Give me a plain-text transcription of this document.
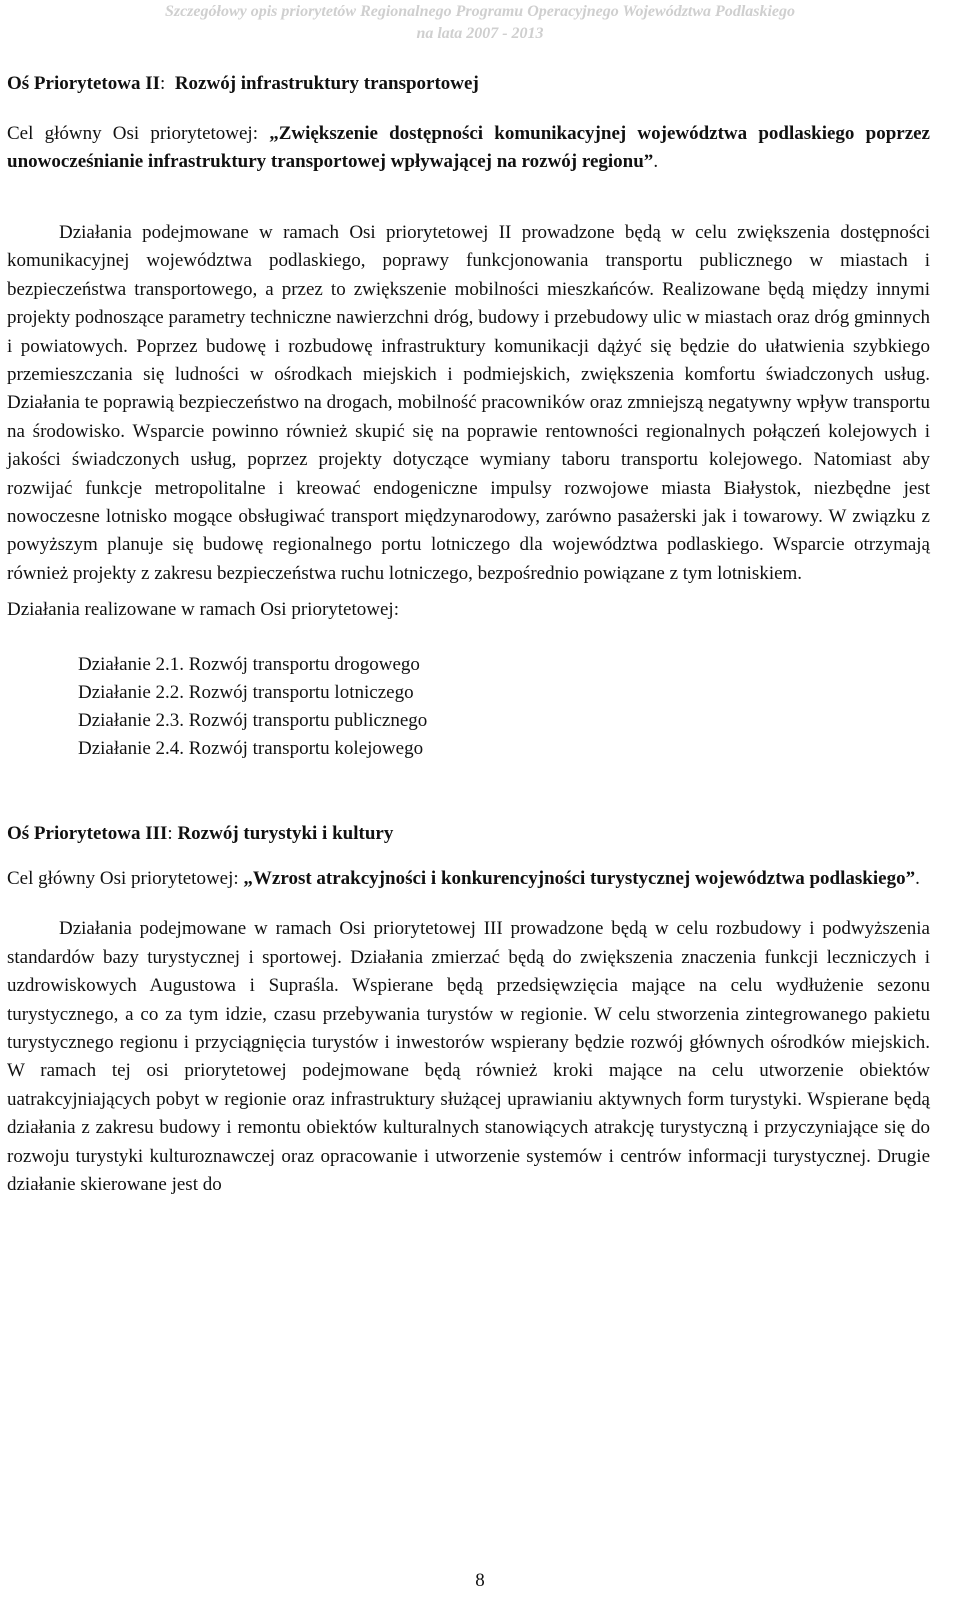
Szczegółowy opis priorytetów Regionalnego Programu Operacyjnego Województwa Podlaskiego
na lata 2007 - 2013

Oś Priorytetowa II:  Rozwój infrastruktury transportowej

Cel główny Osi priorytetowej: „Zwiększenie dostępności komunikacyjnej województwa podlaskiego poprzez unowocześnianie infrastruktury transportowej wpływającej na rozwój regionu”.

Działania podejmowane w ramach Osi priorytetowej II prowadzone będą w celu zwiększenia dostępności komunikacyjnej województwa podlaskiego, poprawy funkcjonowania transportu publicznego w miastach i bezpieczeństwa transportowego, a przez to zwiększenie mobilności mieszkańców. Realizowane będą między innymi projekty podnoszące parametry techniczne nawierzchni dróg, budowy i przebudowy ulic w miastach oraz dróg gminnych i powiatowych. Poprzez budowę i rozbudowę infrastruktury komunikacji dążyć się będzie do ułatwienia szybkiego przemieszczania się ludności w ośrodkach miejskich i podmiejskich, zwiększenia komfortu świadczonych usług. Działania te poprawią bezpieczeństwo na drogach, mobilność pracowników oraz zmniejszą negatywny wpływ transportu na środowisko. Wsparcie powinno również skupić się na poprawie rentowności regionalnych połączeń kolejowych i jakości świadczonych usług, poprzez projekty dotyczące wymiany taboru transportu kolejowego. Natomiast aby rozwijać funkcje metropolitalne i kreować endogeniczne impulsy rozwojowe miasta Białystok, niezbędne jest nowoczesne lotnisko mogące obsługiwać transport międzynarodowy, zarówno pasażerski jak i towarowy. W związku z powyższym planuje się budowę regionalnego portu lotniczego dla województwa podlaskiego. Wsparcie otrzymają również projekty z zakresu bezpieczeństwa ruchu lotniczego, bezpośrednio powiązane z tym lotniskiem.

Działania realizowane w ramach Osi priorytetowej:

Działanie 2.1. Rozwój transportu drogowego
Działanie 2.2. Rozwój transportu lotniczego
Działanie 2.3. Rozwój transportu publicznego
Działanie 2.4. Rozwój transportu kolejowego

Oś Priorytetowa III: Rozwój turystyki i kultury

Cel główny Osi priorytetowej: „Wzrost atrakcyjności i konkurencyjności turystycznej województwa podlaskiego”.

Działania podejmowane w ramach Osi priorytetowej III prowadzone będą w celu rozbudowy i podwyższenia standardów bazy turystycznej i sportowej. Działania zmierzać będą do zwiększenia znaczenia funkcji leczniczych i uzdrowiskowych Augustowa i Supraśla. Wspierane będą przedsięwzięcia mające na celu wydłużenie sezonu turystycznego, a co za tym idzie, czasu przebywania turystów w regionie. W celu stworzenia zintegrowanego pakietu turystycznego regionu i przyciągnięcia turystów i inwestorów wspierany będzie rozwój głównych ośrodków miejskich. W ramach tej osi priorytetowej podejmowane będą również kroki mające na celu utworzenie obiektów uatrakcyjniających pobyt w regionie oraz infrastruktury służącej uprawianiu aktywnych form turystyki. Wspierane będą działania z zakresu budowy i remontu obiektów kulturalnych stanowiących atrakcję turystyczną i przyczyniające się do rozwoju turystyki kulturoznawczej oraz opracowanie i utworzenie systemów i centrów informacji turystycznej. Drugie działanie skierowane jest do

8
